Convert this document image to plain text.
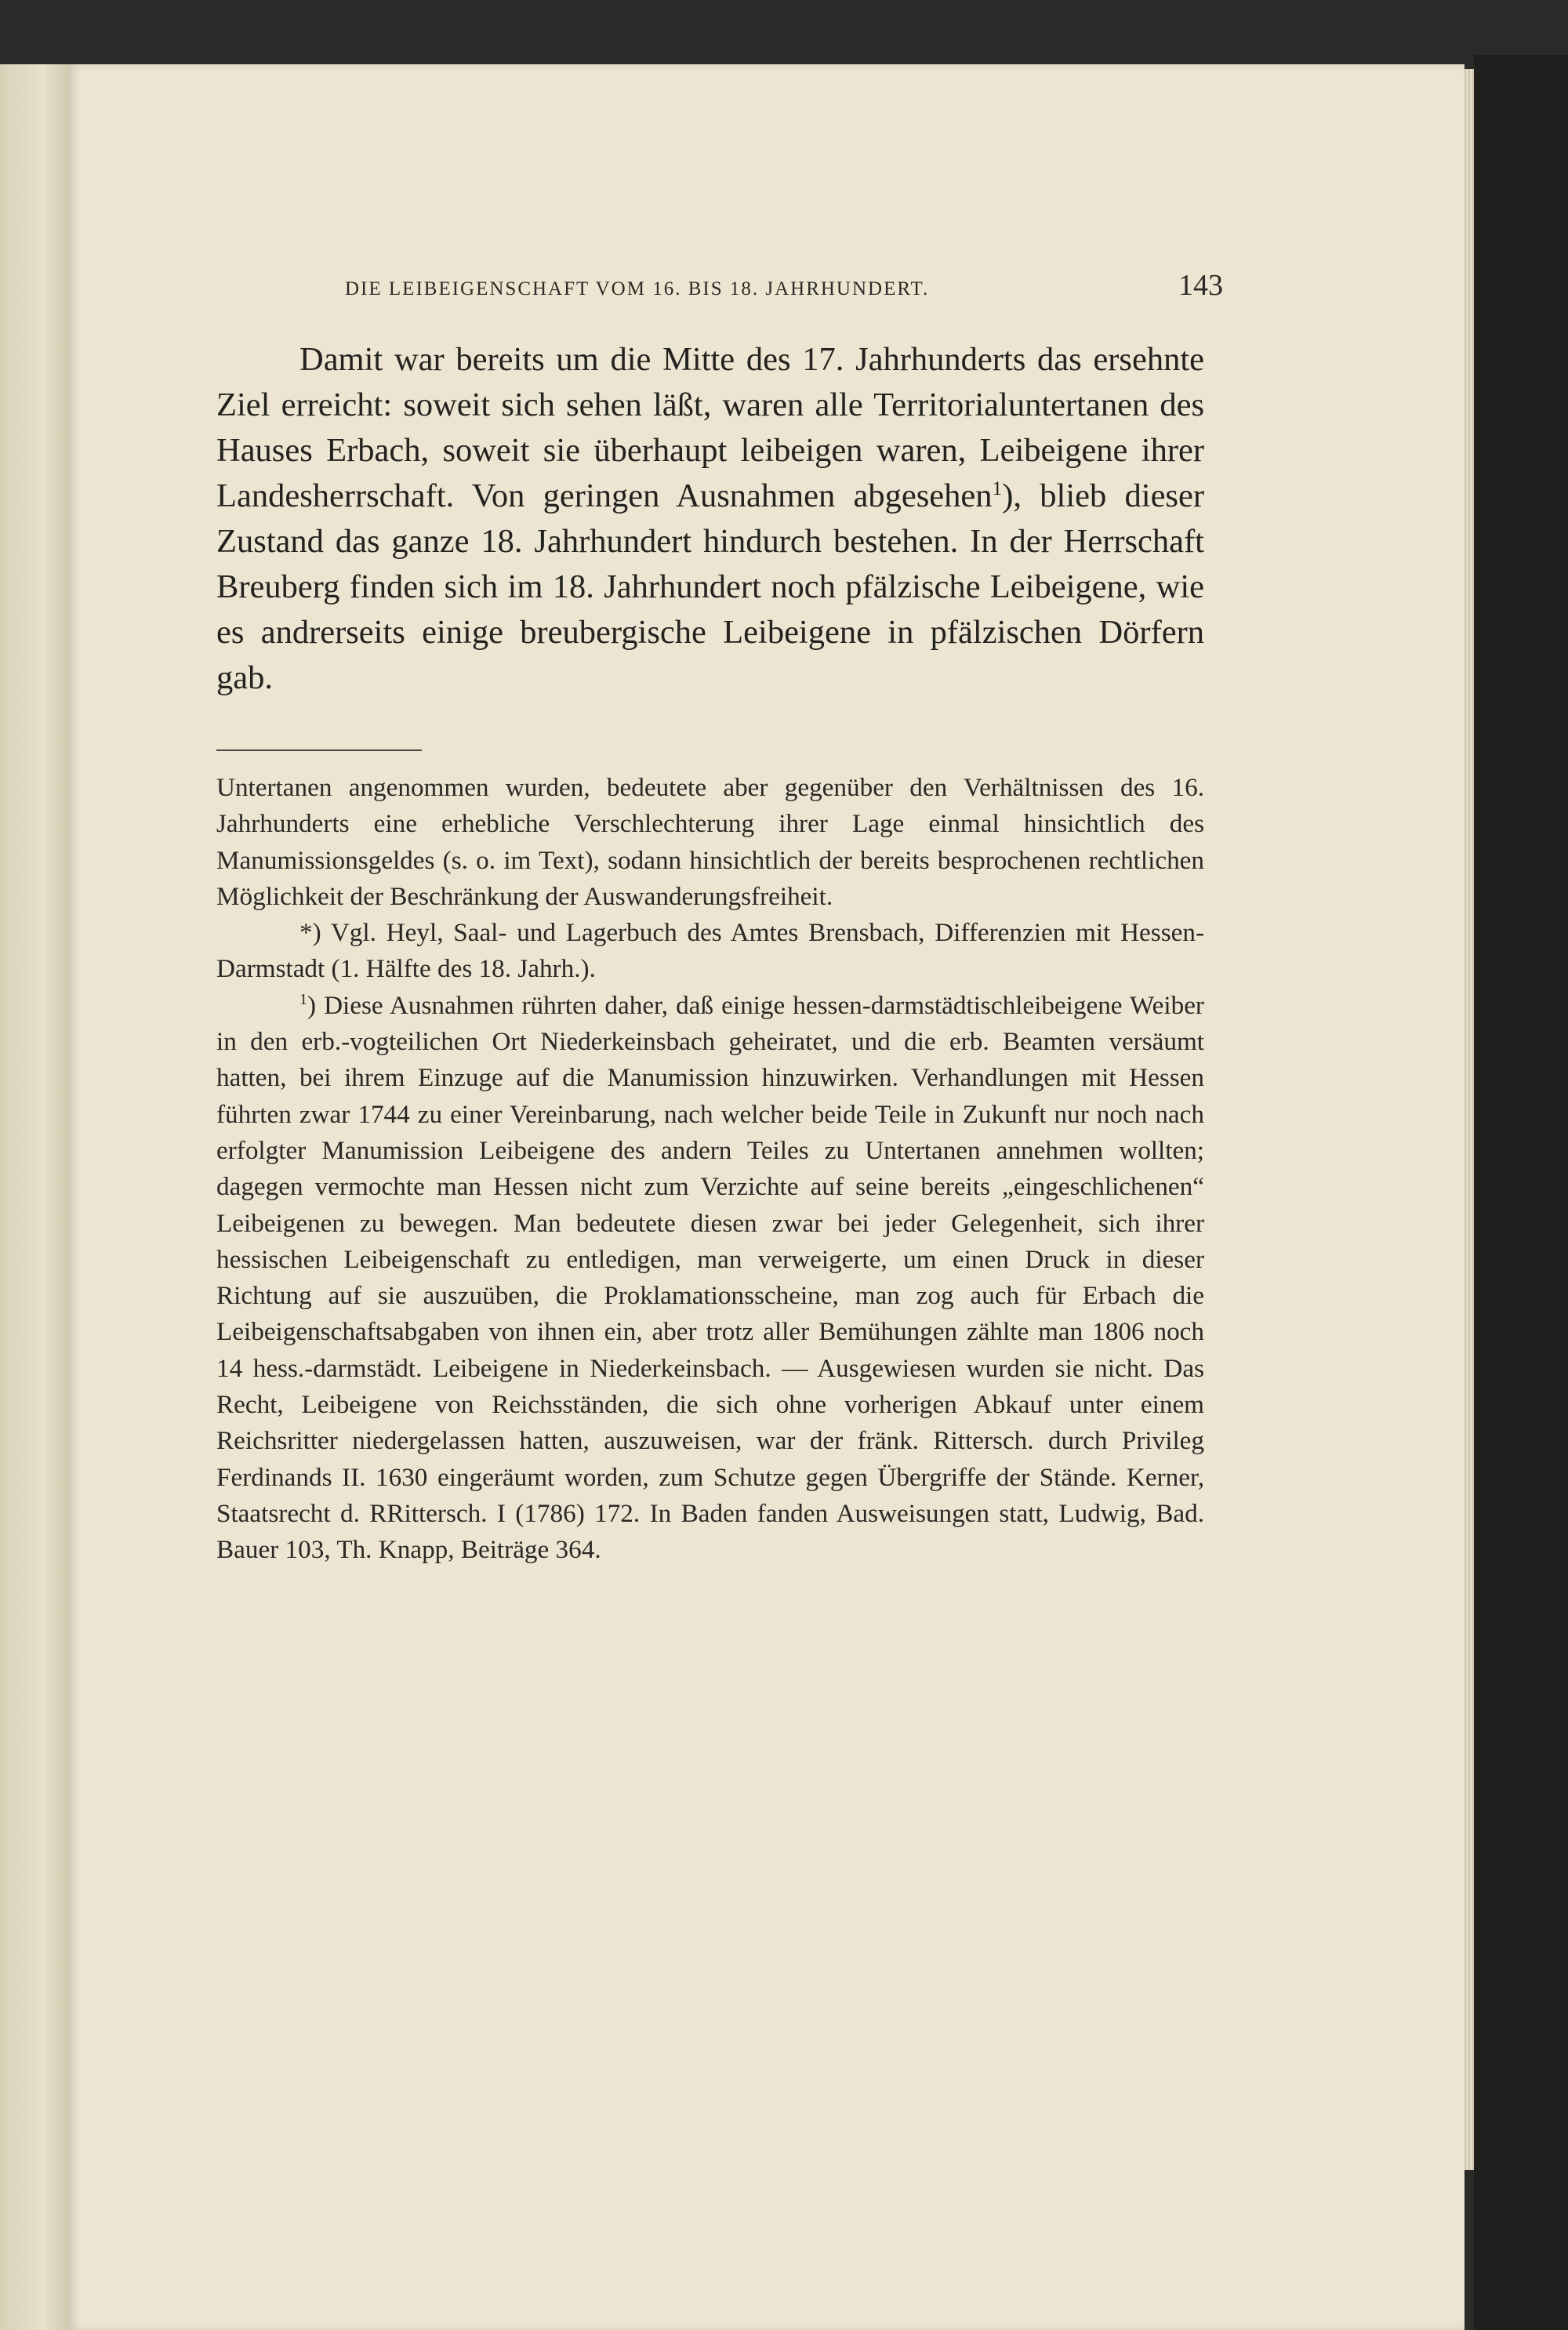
DIE LEIBEIGENSCHAFT VOM 16. BIS 18. JAHRHUNDERT.	143

Damit war bereits um die Mitte des 17. Jahrhunderts das ersehnte Ziel erreicht: soweit sich sehen läßt, waren alle Territorialuntertanen des Hauses Erbach, soweit sie überhaupt leibeigen waren, Leibeigene ihrer Landesherrschaft. Von geringen Ausnahmen abgesehen$^1$), blieb dieser Zustand das ganze 18. Jahrhundert hindurch bestehen. In der Herrschaft Breuberg finden sich im 18. Jahrhundert noch pfälzische Leibeigene, wie es andrerseits einige breubergische Leibeigene in pfälzischen Dörfern gab.

Untertanen angenommen wurden, bedeutete aber gegenüber den Verhältnissen des 16. Jahrhunderts eine erhebliche Verschlechterung ihrer Lage einmal hinsichtlich des Manumissionsgeldes (s. o. im Text), sodann hinsichtlich der bereits besprochenen rechtlichen Möglichkeit der Beschränkung der Auswanderungsfreiheit.

*) Vgl. Heyl, Saal- und Lagerbuch des Amtes Brensbach, Differenzien mit Hessen-Darmstadt (1. Hälfte des 18. Jahrh.).

$^1$) Diese Ausnahmen rührten daher, daß einige hessen-darmstädtischleibeigene Weiber in den erb.-vogteilichen Ort Niederkeinsbach geheiratet, und die erb. Beamten versäumt hatten, bei ihrem Einzuge auf die Manumission hinzuwirken. Verhandlungen mit Hessen führten zwar 1744 zu einer Vereinbarung, nach welcher beide Teile in Zukunft nur noch nach erfolgter Manumission Leibeigene des andern Teiles zu Untertanen annehmen wollten; dagegen vermochte man Hessen nicht zum Verzichte auf seine bereits „eingeschlichenen“ Leibeigenen zu bewegen. Man bedeutete diesen zwar bei jeder Gelegenheit, sich ihrer hessischen Leibeigenschaft zu entledigen, man verweigerte, um einen Druck in dieser Richtung auf sie auszuüben, die Proklamationsscheine, man zog auch für Erbach die Leibeigenschaftsabgaben von ihnen ein, aber trotz aller Bemühungen zählte man 1806 noch 14 hess.-darmstädt. Leibeigene in Niederkeinsbach. — Ausgewiesen wurden sie nicht. Das Recht, Leibeigene von Reichsständen, die sich ohne vorherigen Abkauf unter einem Reichsritter niedergelassen hatten, auszuweisen, war der fränk. Rittersch. durch Privileg Ferdinands II. 1630 eingeräumt worden, zum Schutze gegen Übergriffe der Stände. Kerner, Staatsrecht d. RRittersch. I (1786) 172. In Baden fanden Ausweisungen statt, Ludwig, Bad. Bauer 103, Th. Knapp, Beiträge 364.
